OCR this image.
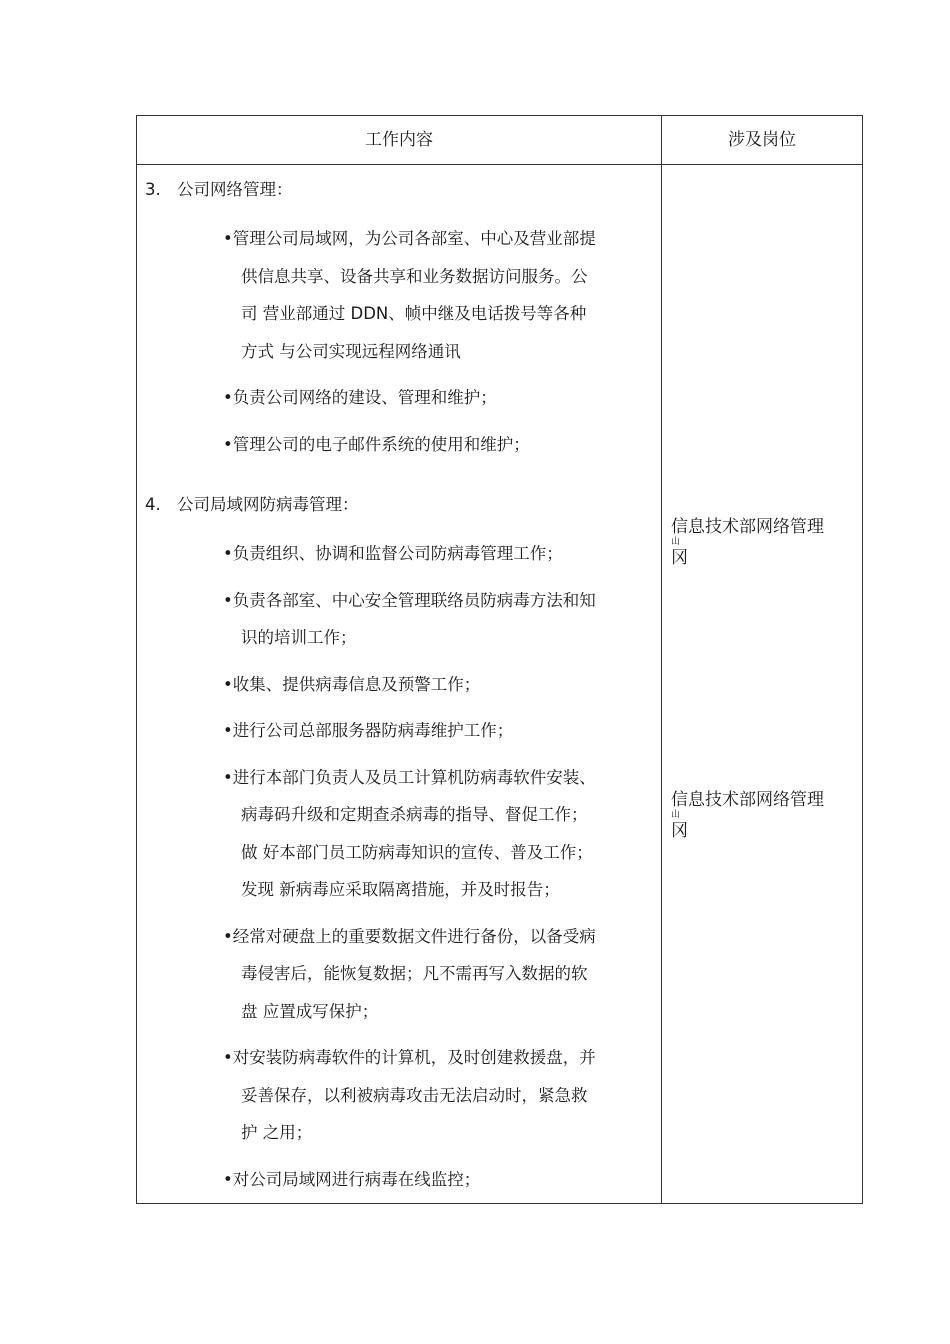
工作内容	涉及岗位
3. 公司网络管理：
•管理公司局域网，为公司各部室、中心及营业部提
供信息共享、设备共享和业务数据访问服务。公
司 营业部通过 DDN、帧中继及电话拨号等各种
方式 与公司实现远程网络通讯
•负责公司网络的建设、管理和维护；
•管理公司的电子邮件系统的使用和维护；
4. 公司局域网防病毒管理：
•负责组织、协调和监督公司防病毒管理工作；
•负责各部室、中心安全管理联络员防病毒方法和知
识的培训工作；
•收集、提供病毒信息及预警工作；
•进行公司总部服务器防病毒维护工作；
•进行本部门负责人及员工计算机防病毒软件安装、
病毒码升级和定期查杀病毒的指导、督促工作；
做 好本部门员工防病毒知识的宣传、普及工作；
发现 新病毒应采取隔离措施，并及时报告；
•经常对硬盘上的重要数据文件进行备份，以备受病
毒侵害后，能恢复数据；凡不需再写入数据的软
盘 应置成写保护；
•对安装防病毒软件的计算机，及时创建救援盘，并
妥善保存，以利被病毒攻击无法启动时，紧急救
护 之用；
•对公司局域网进行病毒在线监控；
信息技术部网络管理
山
冈
信息技术部网络管理
山
冈
